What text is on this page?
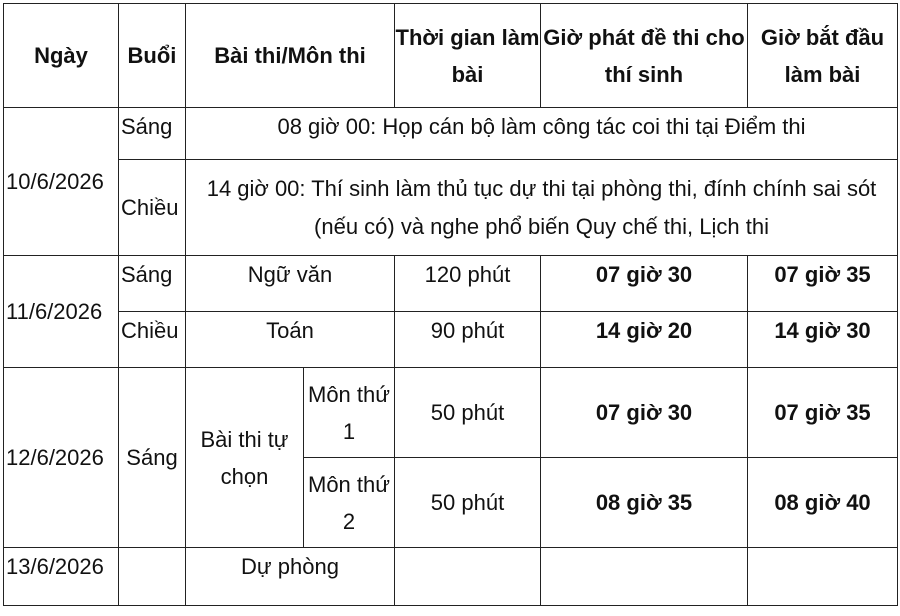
Ngày	Buổi	Bài thi/Môn thi		Thời gian làm bài	Giờ phát đề thi cho thí sinh	Giờ bắt đầu làm bài
10/6/2026	Sáng	08 giờ 00: Họp cán bộ làm công tác coi thi tại Điểm thi				
	Chiều	14 giờ 00: Thí sinh làm thủ tục dự thi tại phòng thi, đính chính sai sót (nếu có) và nghe phổ biến Quy chế thi, Lịch thi				
11/6/2026	Sáng	Ngữ văn		120 phút	07 giờ 30	07 giờ 35
	Chiều	Toán		90 phút	14 giờ 20	14 giờ 30
12/6/2026	Sáng	Bài thi tự chọn	Môn thứ 1	50 phút	07 giờ 30	07 giờ 35
			Môn thứ 2	50 phút	08 giờ 35	08 giờ 40
13/6/2026		Dự phòng				
